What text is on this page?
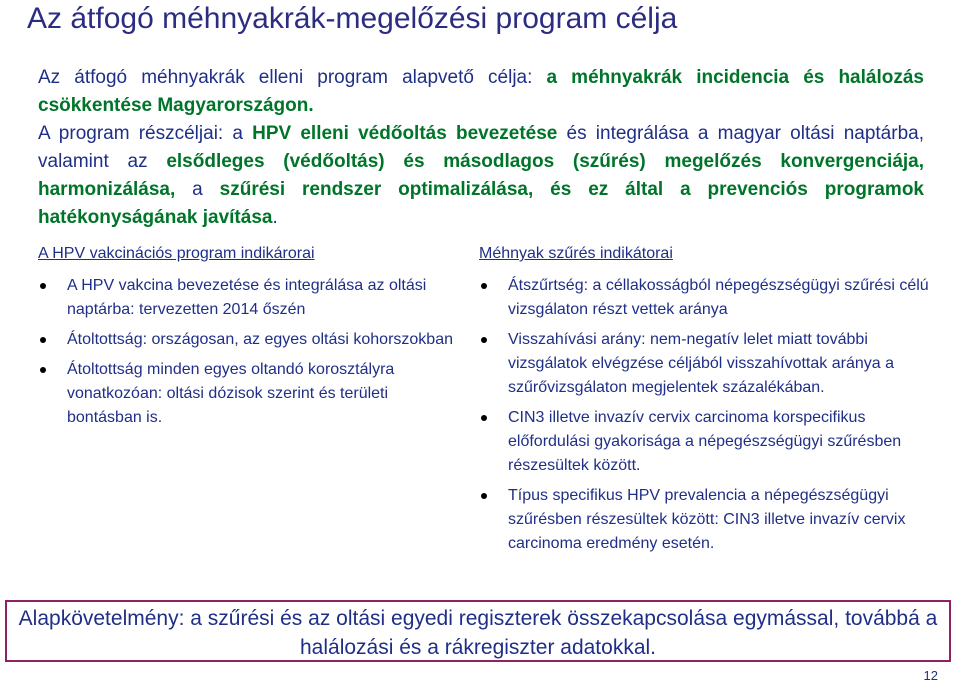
Az átfogó méhnyakrák-megelőzési program célja

Az átfogó méhnyakrák elleni program alapvető célja: a méhnyakrák incidencia és halálozás csökkentése Magyarországon.

A program részcéljai: a HPV elleni védőoltás bevezetése és integrálása a magyar oltási naptárba, valamint az elsődleges (védőoltás) és másodlagos (szűrés) megelőzés konvergenciája, harmonizálása, a szűrési rendszer optimalizálása, és ez által a prevenciós programok hatékonyságának javítása.

A HPV vakcinációs program indikárorai
A HPV vakcina bevezetése és integrálása az oltási naptárba: tervezetten 2014 őszén
Átoltottság: országosan, az egyes oltási kohorszokban
Átoltottság minden egyes oltandó korosztályra vonatkozóan: oltási dózisok szerint és területi bontásban is.
Méhnyak szűrés indikátorai
Átszűrtség: a céllakosságból népegészségügyi szűrési célú vizsgálaton részt vettek aránya
Visszahívási arány: nem-negatív lelet miatt további vizsgálatok elvégzése céljából visszahívottak aránya a szűrővizsgálaton megjelentek százalékában.
CIN3 illetve invazív cervix carcinoma korspecifikus előfordulási gyakorisága a népegészségügyi szűrésben részesültek között.
Típus specifikus HPV prevalencia a népegészségügyi szűrésben részesültek között: CIN3 illetve invazív cervix carcinoma eredmény esetén.
Alapkövetelmény: a szűrési és az oltási egyedi regiszterek összekapcsolása egymással, továbbá a halálozási és a rákregiszter adatokkal.
12
